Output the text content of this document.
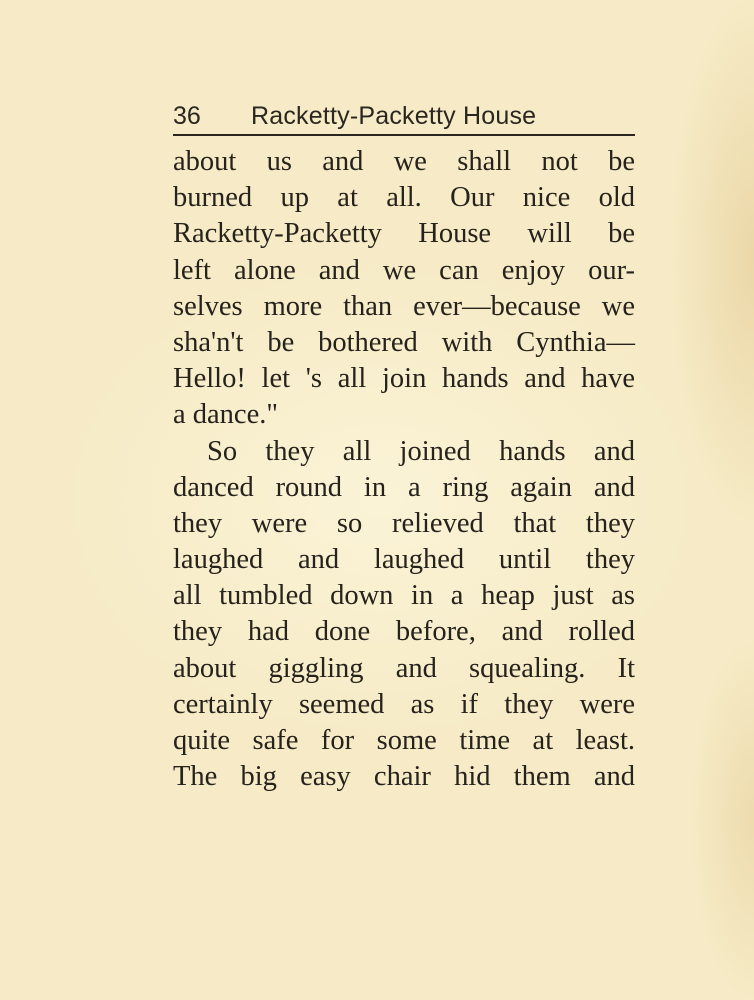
36 Racketty-Packetty House
about us and we shall not be
burned up at all. Our nice old
Racketty-Packetty House will be
left alone and we can enjoy our-
selves more than ever—because we
sha'n't be bothered with Cynthia—
Hello! let 's all join hands and have
a dance."
So they all joined hands and
danced round in a ring again and
they were so relieved that they
laughed and laughed until they
all tumbled down in a heap just as
they had done before, and rolled
about giggling and squealing. It
certainly seemed as if they were
quite safe for some time at least.
The big easy chair hid them and
